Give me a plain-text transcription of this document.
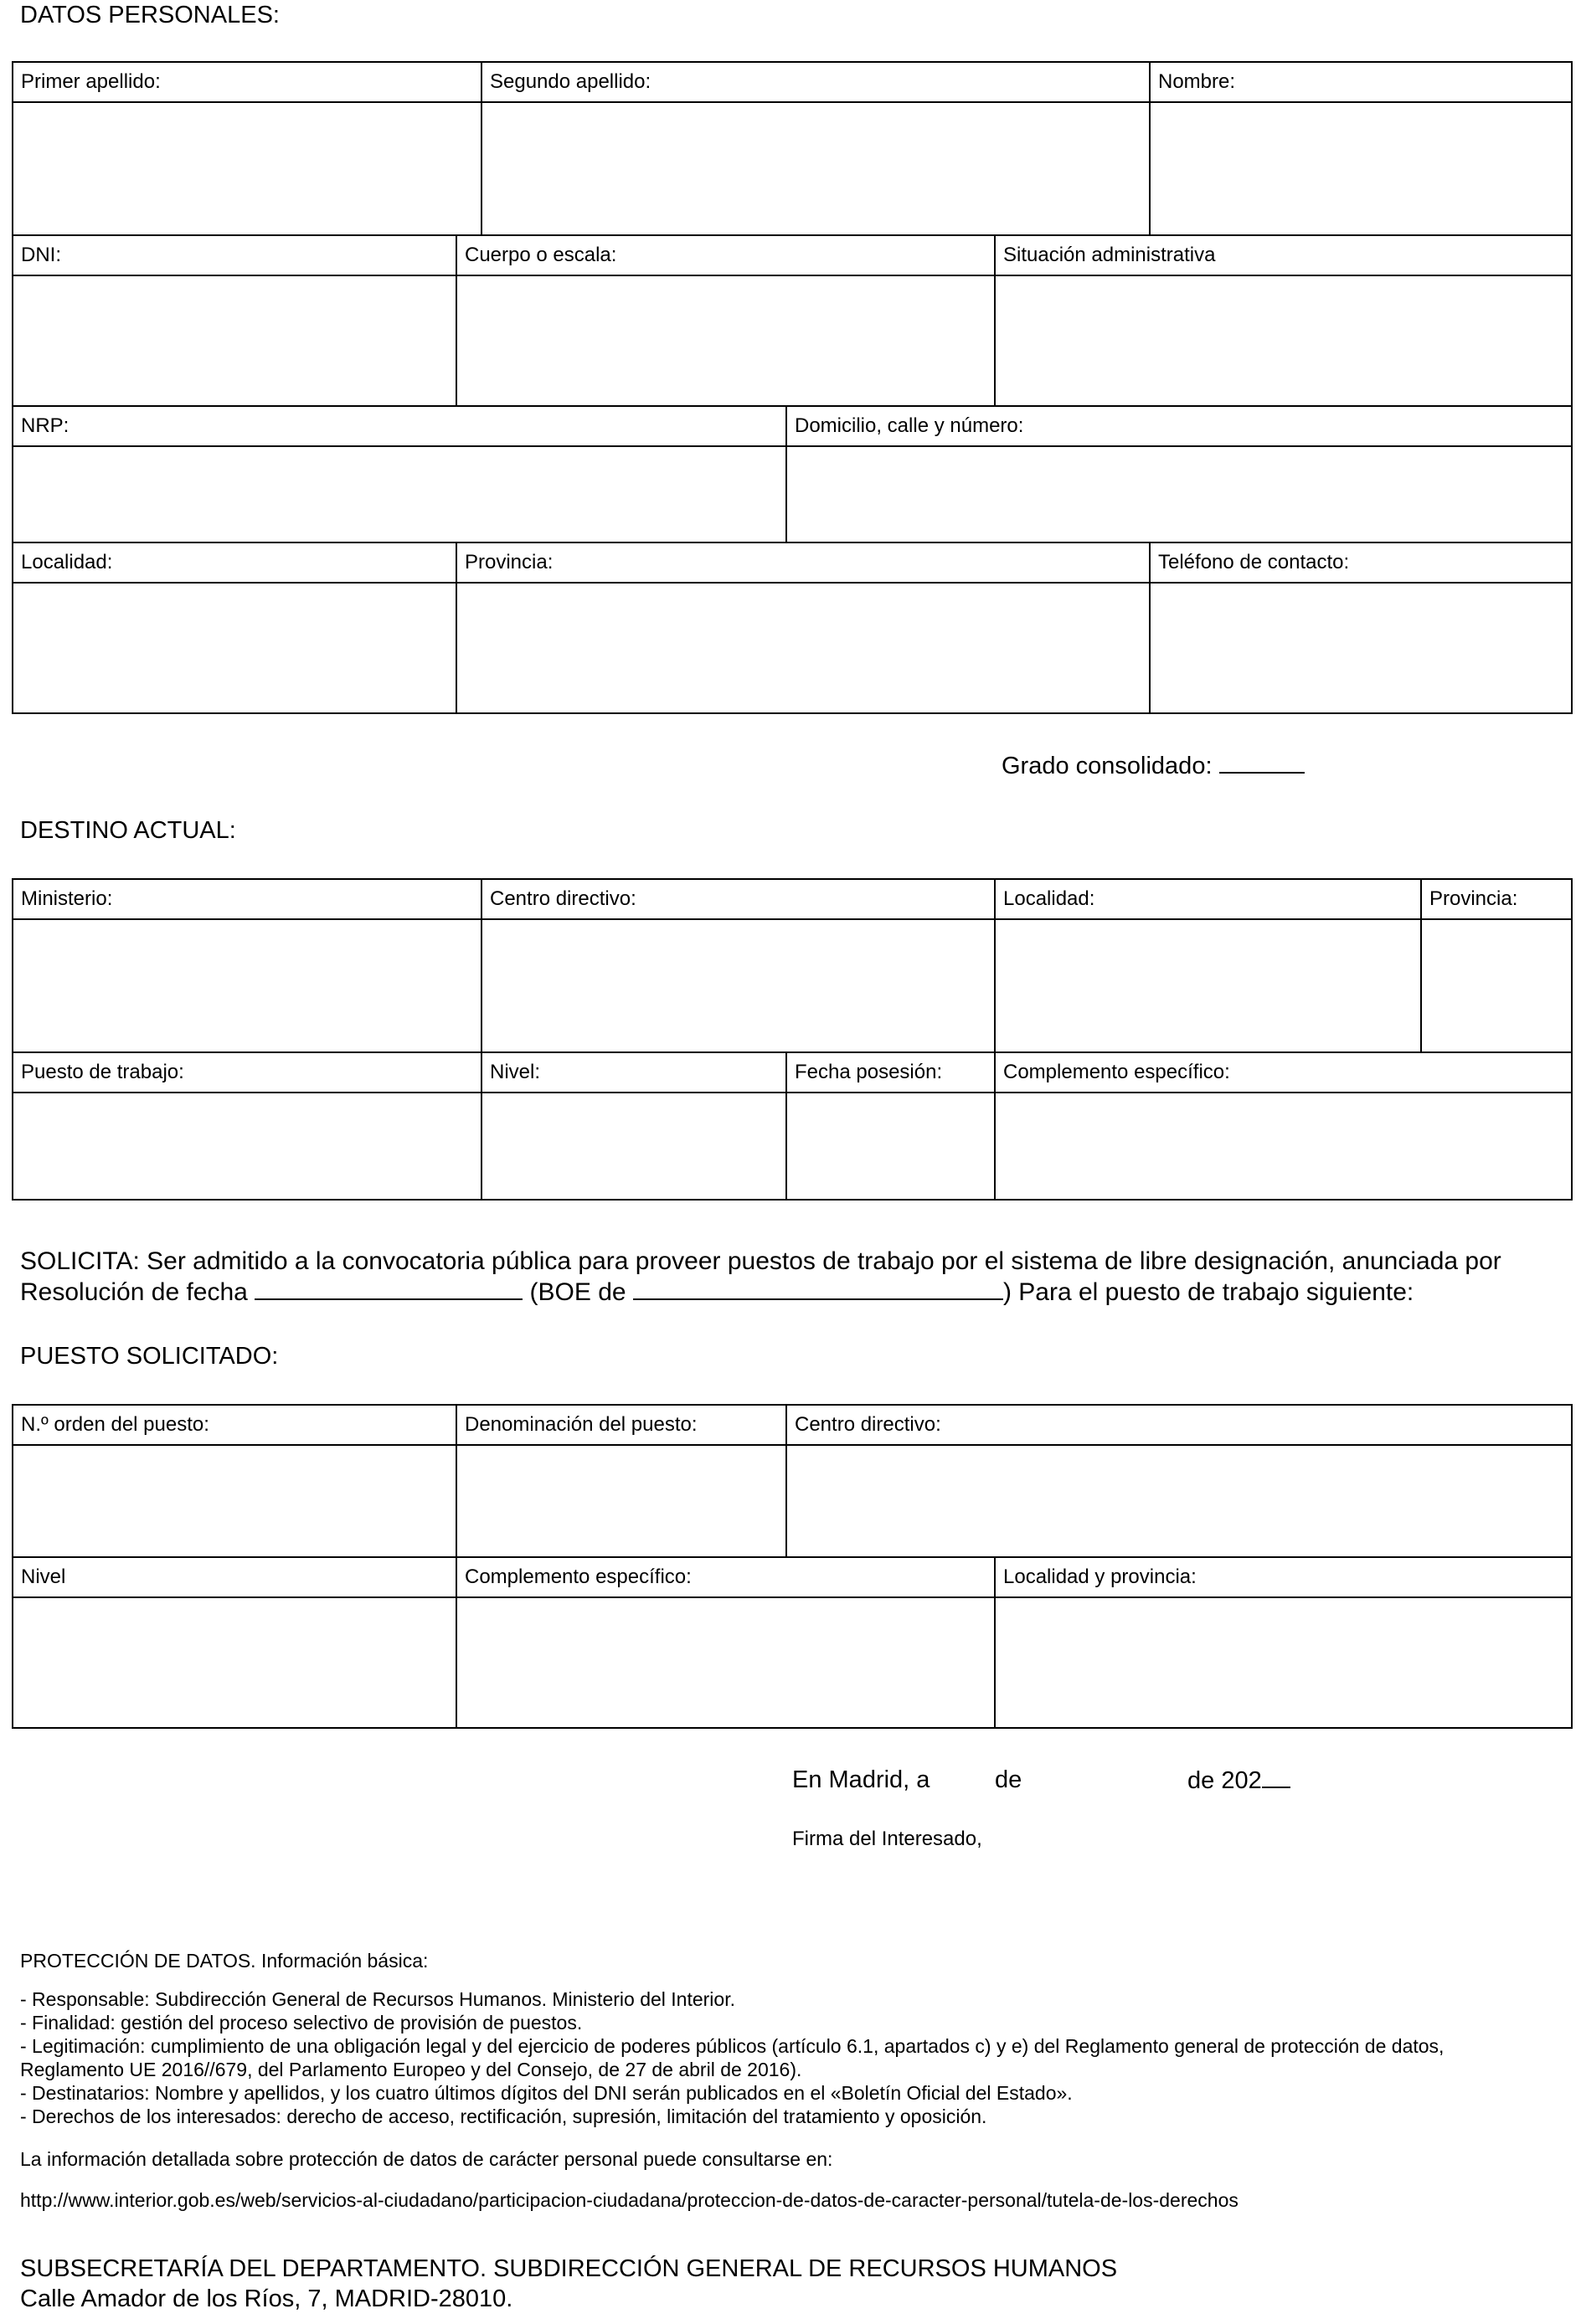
DATOS PERSONALES:
Primer apellido:	Segundo apellido:	Nombre:
DNI:	Cuerpo o escala:	Situación administrativa
NRP:	Domicilio, calle y número:
Localidad:	Provincia:	Teléfono de contacto:
Grado consolidado:
DESTINO ACTUAL:
Ministerio:	Centro directivo:	Localidad:	Provincia:
Puesto de trabajo:	Nivel:	Fecha posesión:	Complemento específico:
SOLICITA: Ser admitido a la convocatoria pública para proveer puestos de trabajo por el sistema de libre designación, anunciada por
Resolución de fecha	(BOE de	) Para el puesto de trabajo siguiente:
PUESTO SOLICITADO:
N.º orden del puesto:	Denominación del puesto:	Centro directivo:
Nivel	Complemento específico:	Localidad y provincia:
En Madrid, a	de	de 202
Firma del Interesado,
PROTECCIÓN DE DATOS. Información básica:
- Responsable: Subdirección General de Recursos Humanos. Ministerio del Interior.
- Finalidad: gestión del proceso selectivo de provisión de puestos.
- Legitimación: cumplimiento de una obligación legal y del ejercicio de poderes públicos (artículo 6.1, apartados c) y e) del Reglamento general de protección de datos,
Reglamento UE 2016//679, del Parlamento Europeo y del Consejo, de 27 de abril de 2016).
- Destinatarios: Nombre y apellidos, y los cuatro últimos dígitos del DNI serán publicados en el «Boletín Oficial del Estado».
- Derechos de los interesados: derecho de acceso, rectificación, supresión, limitación del tratamiento y oposición.
La información detallada sobre protección de datos de carácter personal puede consultarse en:
http://www.interior.gob.es/web/servicios-al-ciudadano/participacion-ciudadana/proteccion-de-datos-de-caracter-personal/tutela-de-los-derechos
SUBSECRETARÍA DEL DEPARTAMENTO. SUBDIRECCIÓN GENERAL DE RECURSOS HUMANOS
Calle Amador de los Ríos, 7, MADRID-28010.
